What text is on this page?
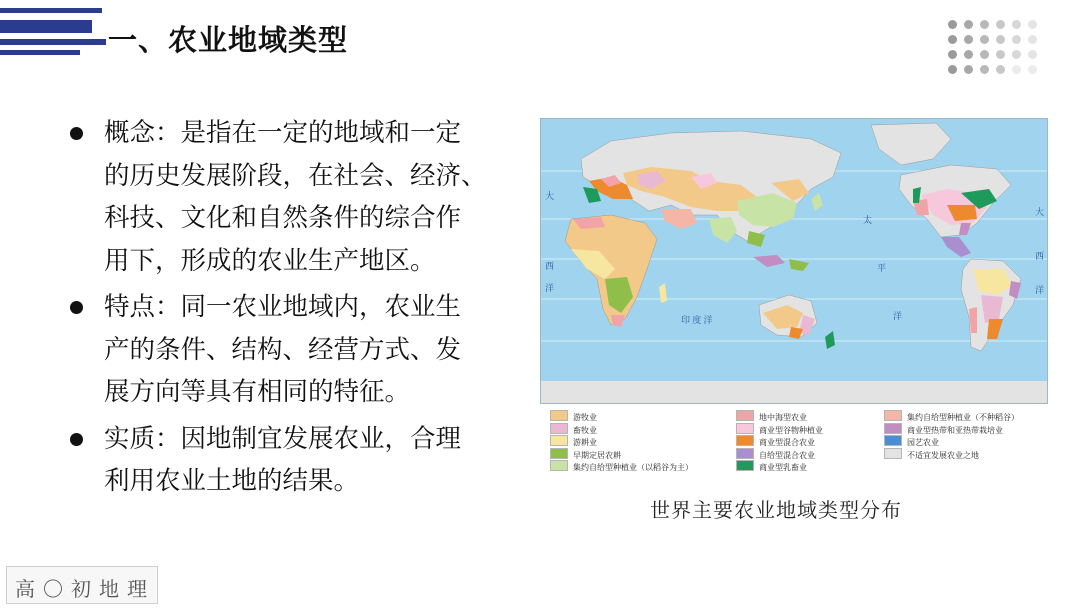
一、农业地域类型
概念：是指在一定的地域和一定
的历史发展阶段，在社会、经济、
科技、文化和自然条件的综合作
用下，形成的农业生产地区。
特点：同一农业地域内，农业生
产的条件、结构、经营方式、发
展方向等具有相同的特征。
实质：因地制宜发展农业，合理
利用农业土地的结果。
大
西
洋
印 度 洋
太
平
洋
大
西
洋
游牧业
畜牧业
游耕业
早期定居农耕
集约自给型种植业（以稻谷为主）
地中海型农业
商业型谷物种植业
商业型混合农业
自给型混合农业
商业型乳畜业
集约自给型种植业（不种稻谷）
商业型热带和亚热带栽培业
园艺农业
不适宜发展农业之地
世界主要农业地域类型分布
高 〇 初 地 理
